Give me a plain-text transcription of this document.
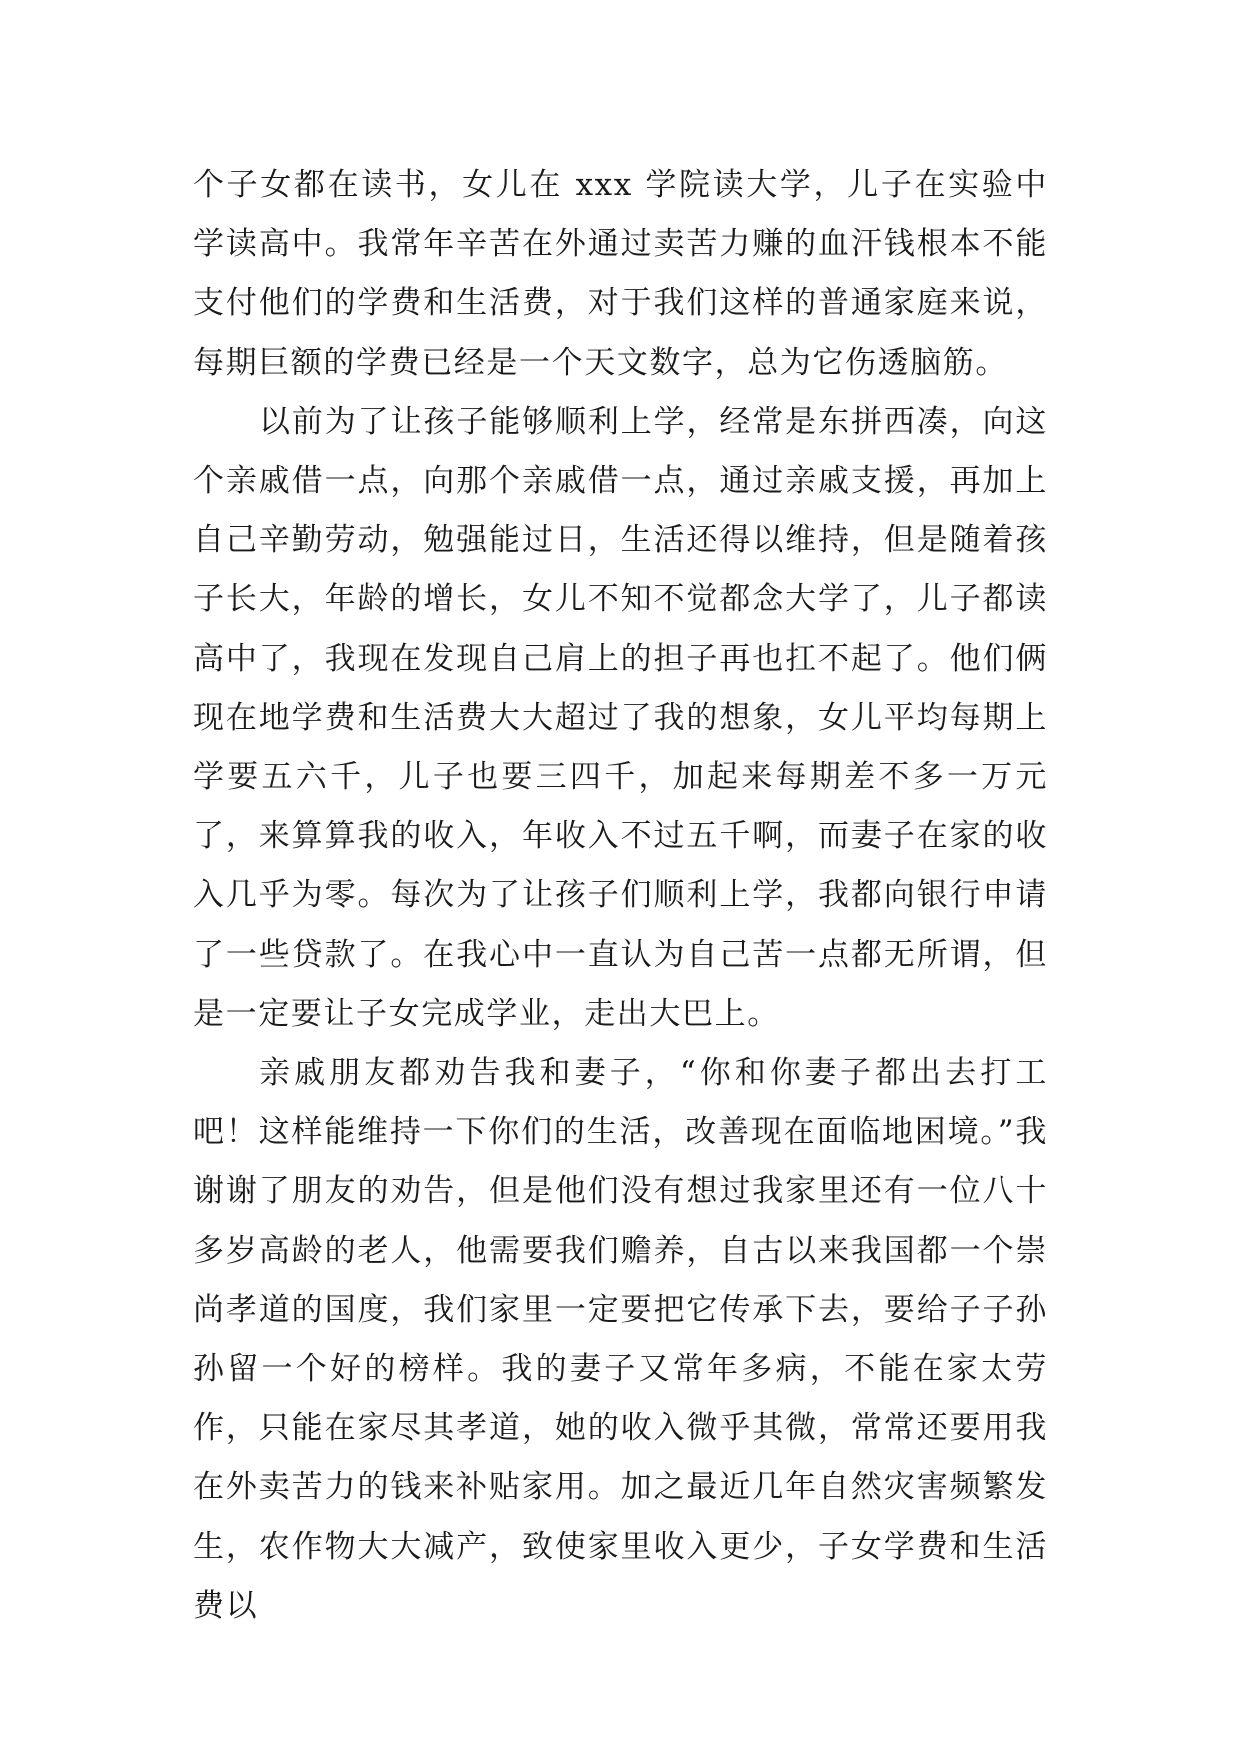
个子女都在读书，女儿在 xxx 学院读大学，儿子在实验中学读高中。我常年辛苦在外通过卖苦力赚的血汗钱根本不能支付他们的学费和生活费，对于我们这样的普通家庭来说，每期巨额的学费已经是一个天文数字，总为它伤透脑筋。

以前为了让孩子能够顺利上学，经常是东拼西凑，向这个亲戚借一点，向那个亲戚借一点，通过亲戚支援，再加上自己辛勤劳动，勉强能过日，生活还得以维持，但是随着孩子长大，年龄的增长，女儿不知不觉都念大学了，儿子都读高中了，我现在发现自己肩上的担子再也扛不起了。他们俩现在地学费和生活费大大超过了我的想象，女儿平均每期上学要五六千，儿子也要三四千，加起来每期差不多一万元了，来算算我的收入，年收入不过五千啊，而妻子在家的收入几乎为零。每次为了让孩子们顺利上学，我都向银行申请了一些贷款了。在我心中一直认为自己苦一点都无所谓，但是一定要让子女完成学业，走出大巴上。

亲戚朋友都劝告我和妻子，“你和你妻子都出去打工吧！这样能维持一下你们的生活，改善现在面临地困境。”我谢谢了朋友的劝告，但是他们没有想过我家里还有一位八十多岁高龄的老人，他需要我们赡养，自古以来我国都一个崇尚孝道的国度，我们家里一定要把它传承下去，要给子子孙孙留一个好的榜样。我的妻子又常年多病，不能在家太劳作，只能在家尽其孝道，她的收入微乎其微，常常还要用我在外卖苦力的钱来补贴家用。加之最近几年自然灾害频繁发生，农作物大大减产，致使家里收入更少，子女学费和生活费以
